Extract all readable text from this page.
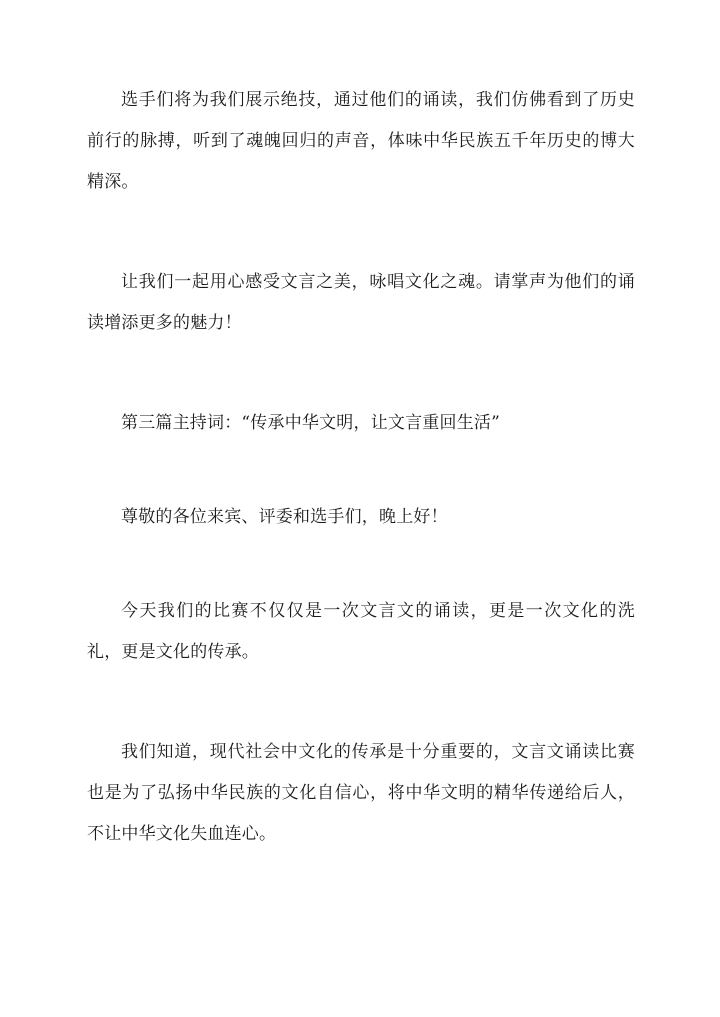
选手们将为我们展示绝技，通过他们的诵读，我们仿佛看到了历史前行的脉搏，听到了魂魄回归的声音，体味中华民族五千年历史的博大精深。

让我们一起用心感受文言之美，咏唱文化之魂。请掌声为他们的诵读增添更多的魅力！

第三篇主持词：“传承中华文明，让文言重回生活”

尊敬的各位来宾、评委和选手们，晚上好！

今天我们的比赛不仅仅是一次文言文的诵读，更是一次文化的洗礼，更是文化的传承。

我们知道，现代社会中文化的传承是十分重要的，文言文诵读比赛也是为了弘扬中华民族的文化自信心，将中华文明的精华传递给后人，不让中华文化失血连心。
